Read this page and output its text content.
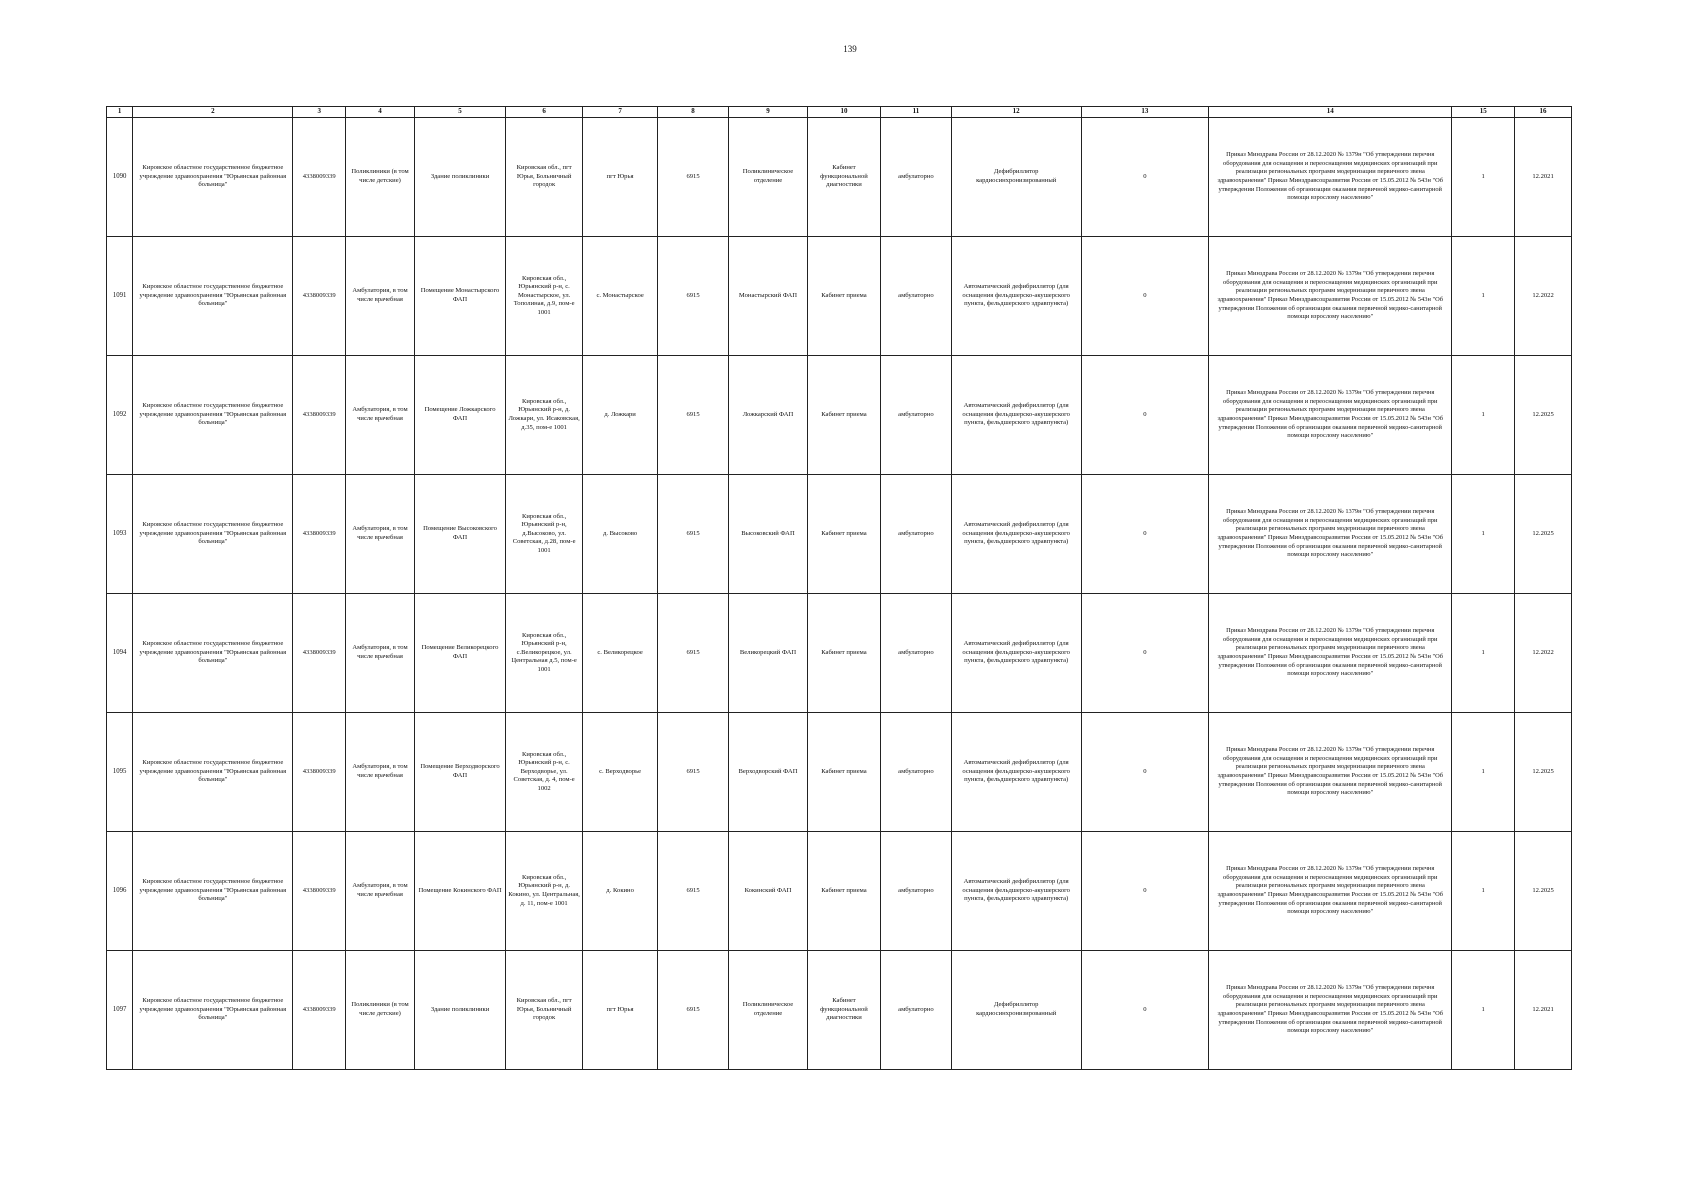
139
1	2	3	4	5	6	7	8	9	10	11	12	13	14	15	16
1090	Кировское областное государственное бюджетное учреждение здравоохранения "Юрьянская районная больница"	4338009339	Поликлиники (в том числе детские)	Здание поликлиники	Кировская обл., пгт Юрья, Больничный городок	пгт Юрья	6915	Поликлиническое отделение	Кабинет функциональной диагностики	амбулаторно	Дефибриллятор кардиосинхронизированный	0	Приказ Минздрава России от 28.12.2020 № 1379н "Об утверждении перечня оборудования для оснащения и переоснащения медицинских организаций при реализации региональных программ модернизации первичного звена здравоохранения" Приказ Минздравсоцразвития России от 15.05.2012 № 543н "Об утверждении Положения об организации оказания первичной медико-санитарной помощи взрослому населению"	1	12.2021
1091	Кировское областное государственное бюджетное учреждение здравоохранения "Юрьянская районная больница"	4338009339	Амбулатория, в том числе врачебная	Помещение Монастырского ФАП	Кировская обл., Юрьянский р-н, с. Монастырское, ул. Тополиная, д.9, пом-е 1001	с. Монастырское	6915	Монастырский ФАП	Кабинет приема	амбулаторно	Автоматический дефибриллятор (для оснащения фельдшерско-акушерского пункта, фельдшерского здравпункта)	0	Приказ Минздрава России от 28.12.2020 № 1379н "Об утверждении перечня оборудования для оснащения и переоснащения медицинских организаций при реализации региональных программ модернизации первичного звена здравоохранения" Приказ Минздравсоцразвития России от 15.05.2012 № 543н "Об утверждении Положения об организации оказания первичной медико-санитарной помощи взрослому населению"	1	12.2022
1092	Кировское областное государственное бюджетное учреждение здравоохранения "Юрьянская районная больница"	4338009339	Амбулатория, в том числе врачебная	Помещение Ложкарского ФАП	Кировская обл., Юрьянский р-н, д. Ложкари, ул. Исаковская, д.35, пом-е 1001	д. Ложкари	6915	Ложкарский ФАП	Кабинет приема	амбулаторно	Автоматический дефибриллятор (для оснащения фельдшерско-акушерского пункта, фельдшерского здравпункта)	0	Приказ Минздрава России от 28.12.2020 № 1379н "Об утверждении перечня оборудования для оснащения и переоснащения медицинских организаций при реализации региональных программ модернизации первичного звена здравоохранения" Приказ Минздравсоцразвития России от 15.05.2012 № 543н "Об утверждении Положения об организации оказания первичной медико-санитарной помощи взрослому населению"	1	12.2025
1093	Кировское областное государственное бюджетное учреждение здравоохранения "Юрьянская районная больница"	4338009339	Амбулатория, в том числе врачебная	Помещение Высоковского ФАП	Кировская обл., Юрьянский р-н, д.Высоково, ул. Советская, д.28, пом-е 1001	д. Высоково	6915	Высоковский ФАП	Кабинет приема	амбулаторно	Автоматический дефибриллятор (для оснащения фельдшерско-акушерского пункта, фельдшерского здравпункта)	0	Приказ Минздрава России от 28.12.2020 № 1379н "Об утверждении перечня оборудования для оснащения и переоснащения медицинских организаций при реализации региональных программ модернизации первичного звена здравоохранения" Приказ Минздравсоцразвития России от 15.05.2012 № 543н "Об утверждении Положения об организации оказания первичной медико-санитарной помощи взрослому населению"	1	12.2025
1094	Кировское областное государственное бюджетное учреждение здравоохранения "Юрьянская районная больница"	4338009339	Амбулатория, в том числе врачебная	Помещение Великорецкого ФАП	Кировская обл., Юрьянский р-н, с.Великорецкое, ул. Центральная д.5, пом-е 1001	с. Великорецкое	6915	Великорецкий ФАП	Кабинет приема	амбулаторно	Автоматический дефибриллятор (для оснащения фельдшерско-акушерского пункта, фельдшерского здравпункта)	0	Приказ Минздрава России от 28.12.2020 № 1379н "Об утверждении перечня оборудования для оснащения и переоснащения медицинских организаций при реализации региональных программ модернизации первичного звена здравоохранения" Приказ Минздравсоцразвития России от 15.05.2012 № 543н "Об утверждении Положения об организации оказания первичной медико-санитарной помощи взрослому населению"	1	12.2022
1095	Кировское областное государственное бюджетное учреждение здравоохранения "Юрьянская районная больница"	4338009339	Амбулатория, в том числе врачебная	Помещение Верходворского ФАП	Кировская обл., Юрьянский р-н, с. Верходворье, ул. Советская, д. 4, пом-е 1002	с. Верходворье	6915	Верходворский ФАП	Кабинет приема	амбулаторно	Автоматический дефибриллятор (для оснащения фельдшерско-акушерского пункта, фельдшерского здравпункта)	0	Приказ Минздрава России от 28.12.2020 № 1379н "Об утверждении перечня оборудования для оснащения и переоснащения медицинских организаций при реализации региональных программ модернизации первичного звена здравоохранения" Приказ Минздравсоцразвития России от 15.05.2012 № 543н "Об утверждении Положения об организации оказания первичной медико-санитарной помощи взрослому населению"	1	12.2025
1096	Кировское областное государственное бюджетное учреждение здравоохранения "Юрьянская районная больница"	4338009339	Амбулатория, в том числе врачебная	Помещение Кокинского ФАП	Кировская обл., Юрьянский р-н, д. Кокино, ул. Центральная, д. 11, пом-е 1001	д. Кокино	6915	Кокинский ФАП	Кабинет приема	амбулаторно	Автоматический дефибриллятор (для оснащения фельдшерско-акушерского пункта, фельдшерского здравпункта)	0	Приказ Минздрава России от 28.12.2020 № 1379н "Об утверждении перечня оборудования для оснащения и переоснащения медицинских организаций при реализации региональных программ модернизации первичного звена здравоохранения" Приказ Минздравсоцразвития России от 15.05.2012 № 543н "Об утверждении Положения об организации оказания первичной медико-санитарной помощи взрослому населению"	1	12.2025
1097	Кировское областное государственное бюджетное учреждение здравоохранения "Юрьянская районная больница"	4338009339	Поликлиники (в том числе детские)	Здание поликлиники	Кировская обл., пгт Юрья, Больничный городок	пгт Юрья	6915	Поликлиническое отделение	Кабинет функциональной диагностики	амбулаторно	Дефибриллятор кардиосинхронизированный	0	Приказ Минздрава России от 28.12.2020 № 1379н "Об утверждении перечня оборудования для оснащения и переоснащения медицинских организаций при реализации региональных программ модернизации первичного звена здравоохранения" Приказ Минздравсоцразвития России от 15.05.2012 № 543н "Об утверждении Положения об организации оказания первичной медико-санитарной помощи взрослому населению"	1	12.2021
